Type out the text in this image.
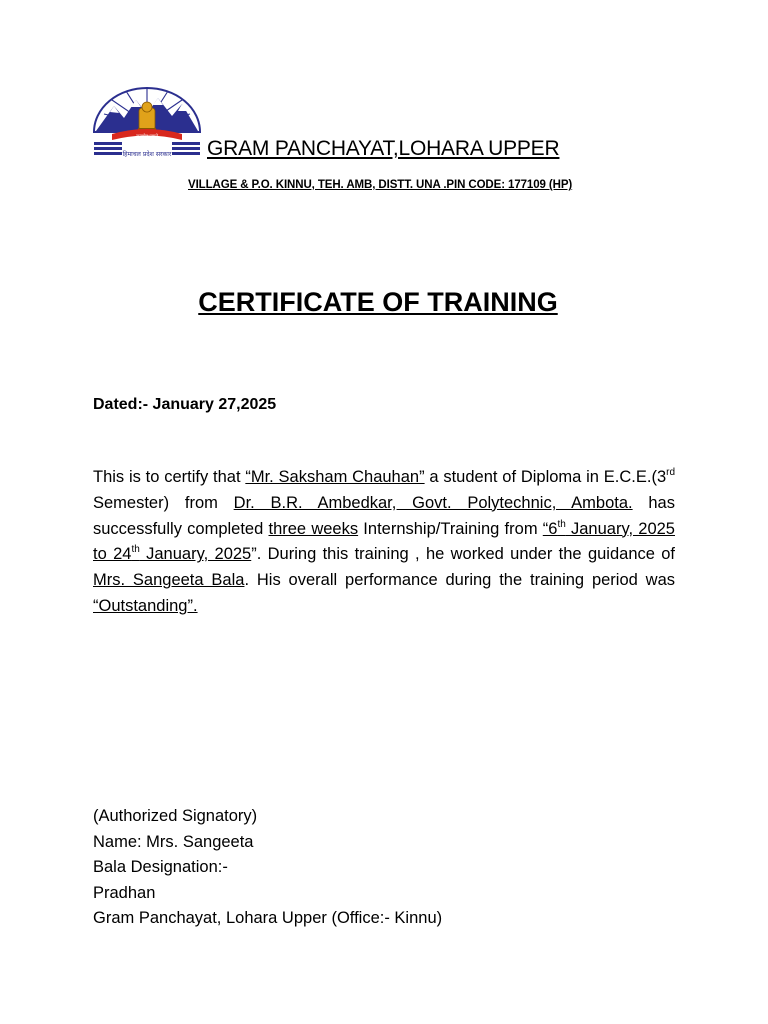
सत्यमेव जयते
हिमाचल प्रदेश सरकार GRAM PANCHAYAT,LOHARA UPPER
VILLAGE & P.O. KINNU, TEH. AMB, DISTT. UNA .PIN CODE: 177109 (HP)
CERTIFICATE OF TRAINING
Dated:- January 27,2025
This is to certify that “Mr. Saksham Chauhan” a student of Diploma in E.C.E.(3rd Semester) from Dr. B.R. Ambedkar, Govt. Polytechnic, Ambota. has successfully completed three weeks Internship/Training from “6th January, 2025 to 24th January, 2025”. During this training , he worked under the guidance of Mrs. Sangeeta Bala. His overall performance during the training period was “Outstanding”.
(Authorized Signatory)
Name: Mrs. Sangeeta
Bala Designation:-
Pradhan
Gram Panchayat, Lohara Upper (Office:- Kinnu)
